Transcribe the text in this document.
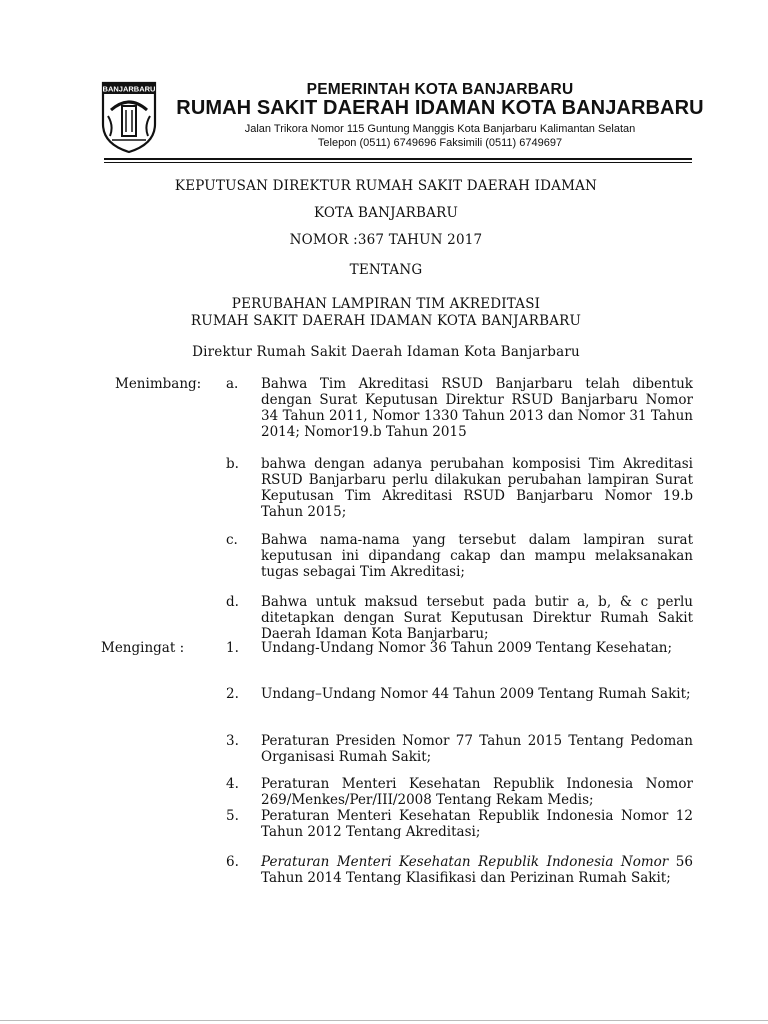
BANJARBARU	PEMERINTAH KOTA BANJARBARU
RUMAH SAKIT DAERAH IDAMAN KOTA BANJARBARU
Jalan Trikora Nomor 115 Guntung Manggis Kota Banjarbaru Kalimantan Selatan
Telepon (0511) 6749696 Faksimili (0511) 6749697
KEPUTUSAN DIREKTUR RUMAH SAKIT DAERAH IDAMAN
KOTA BANJARBARU
NOMOR :367 TAHUN 2017
TENTANG
PERUBAHAN LAMPIRAN TIM AKREDITASI
RUMAH SAKIT DAERAH IDAMAN KOTA BANJARBARU
Direktur Rumah Sakit Daerah Idaman Kota Banjarbaru
Menimbang: a.	Bahwa Tim Akreditasi RSUD Banjarbaru telah dibentuk dengan Surat Keputusan Direktur RSUD Banjarbaru Nomor 34 Tahun 2011, Nomor 1330 Tahun 2013 dan Nomor 31 Tahun 2014; Nomor19.b Tahun 2015
b.	bahwa dengan adanya perubahan komposisi Tim Akreditasi RSUD Banjarbaru perlu dilakukan perubahan lampiran Surat Keputusan Tim Akreditasi RSUD Banjarbaru Nomor 19.b Tahun 2015;
c.	Bahwa nama-nama yang tersebut dalam lampiran surat keputusan ini dipandang cakap dan mampu melaksanakan tugas sebagai Tim Akreditasi;
d.	Bahwa untuk maksud tersebut pada butir a, b, & c perlu ditetapkan dengan Surat Keputusan Direktur Rumah Sakit Daerah Idaman Kota Banjarbaru;
Mengingat :	1.	Undang-Undang Nomor 36 Tahun 2009 Tentang Kesehatan;
2.	Undang–Undang Nomor 44 Tahun 2009 Tentang Rumah Sakit;
3.	Peraturan Presiden Nomor 77 Tahun 2015 Tentang Pedoman Organisasi Rumah Sakit;
4.	Peraturan Menteri Kesehatan Republik Indonesia Nomor 269/Menkes/Per/III/2008 Tentang Rekam Medis;
5.	Peraturan Menteri Kesehatan Republik Indonesia Nomor 12 Tahun 2012 Tentang Akreditasi;
6.	Peraturan Menteri Kesehatan Republik Indonesia Nomor 56 Tahun 2014 Tentang Klasifikasi dan Perizinan Rumah Sakit;
